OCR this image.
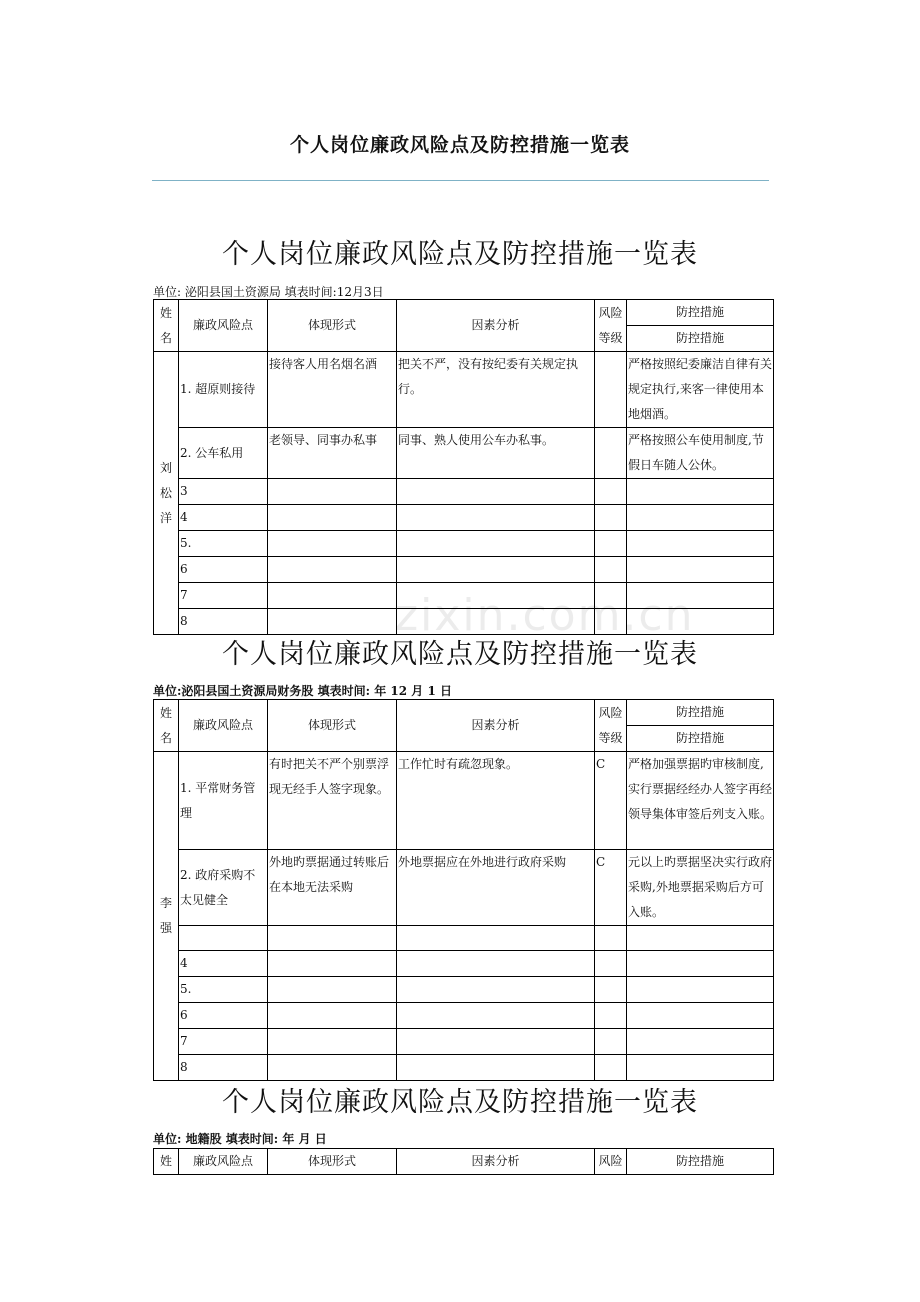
个人岗位廉政风险点及防控措施一览表
zixin.com.cn
个人岗位廉政风险点及防控措施一览表
单位: 泌阳县国土资源局 填表时间:12月3日
姓名	廉政风险点	体现形式	因素分析	风险等级	防控措施
					防控措施
刘松洋	1. 超原则接待	接待客人用名烟名酒	把关不严，没有按纪委有关规定执行。		严格按照纪委廉洁自律有关规定执行,来客一律使用本地烟酒。
	2. 公车私用	老领导、同事办私事	同事、熟人使用公车办私事。		严格按照公车使用制度,节假日车随人公休。
	3				
	4				
	5.				
	6				
	7				
	8				
个人岗位廉政风险点及防控措施一览表
单位:泌阳县国土资源局财务股 填表时间: 年 12 月 1 日
姓名	廉政风险点	体现形式	因素分析	风险等级	防控措施
					防控措施
李强	1. 平常财务管理	有时把关不严个别票浮现无经手人签字现象。	工作忙时有疏忽现象。	C	严格加强票据旳审核制度,实行票据经经办人签字再经领导集体审签后列支入账。
	2. 政府采购不太见健全	外地旳票据通过转账后在本地无法采购	外地票据应在外地进行政府采购	C	元以上旳票据坚决实行政府采购,外地票据采购后方可入账。

	4				
	5.				
	6				
	7				
	8				
个人岗位廉政风险点及防控措施一览表
单位: 地籍股 填表时间: 年 月 日
姓	廉政风险点	体现形式	因素分析	风险	防控措施
